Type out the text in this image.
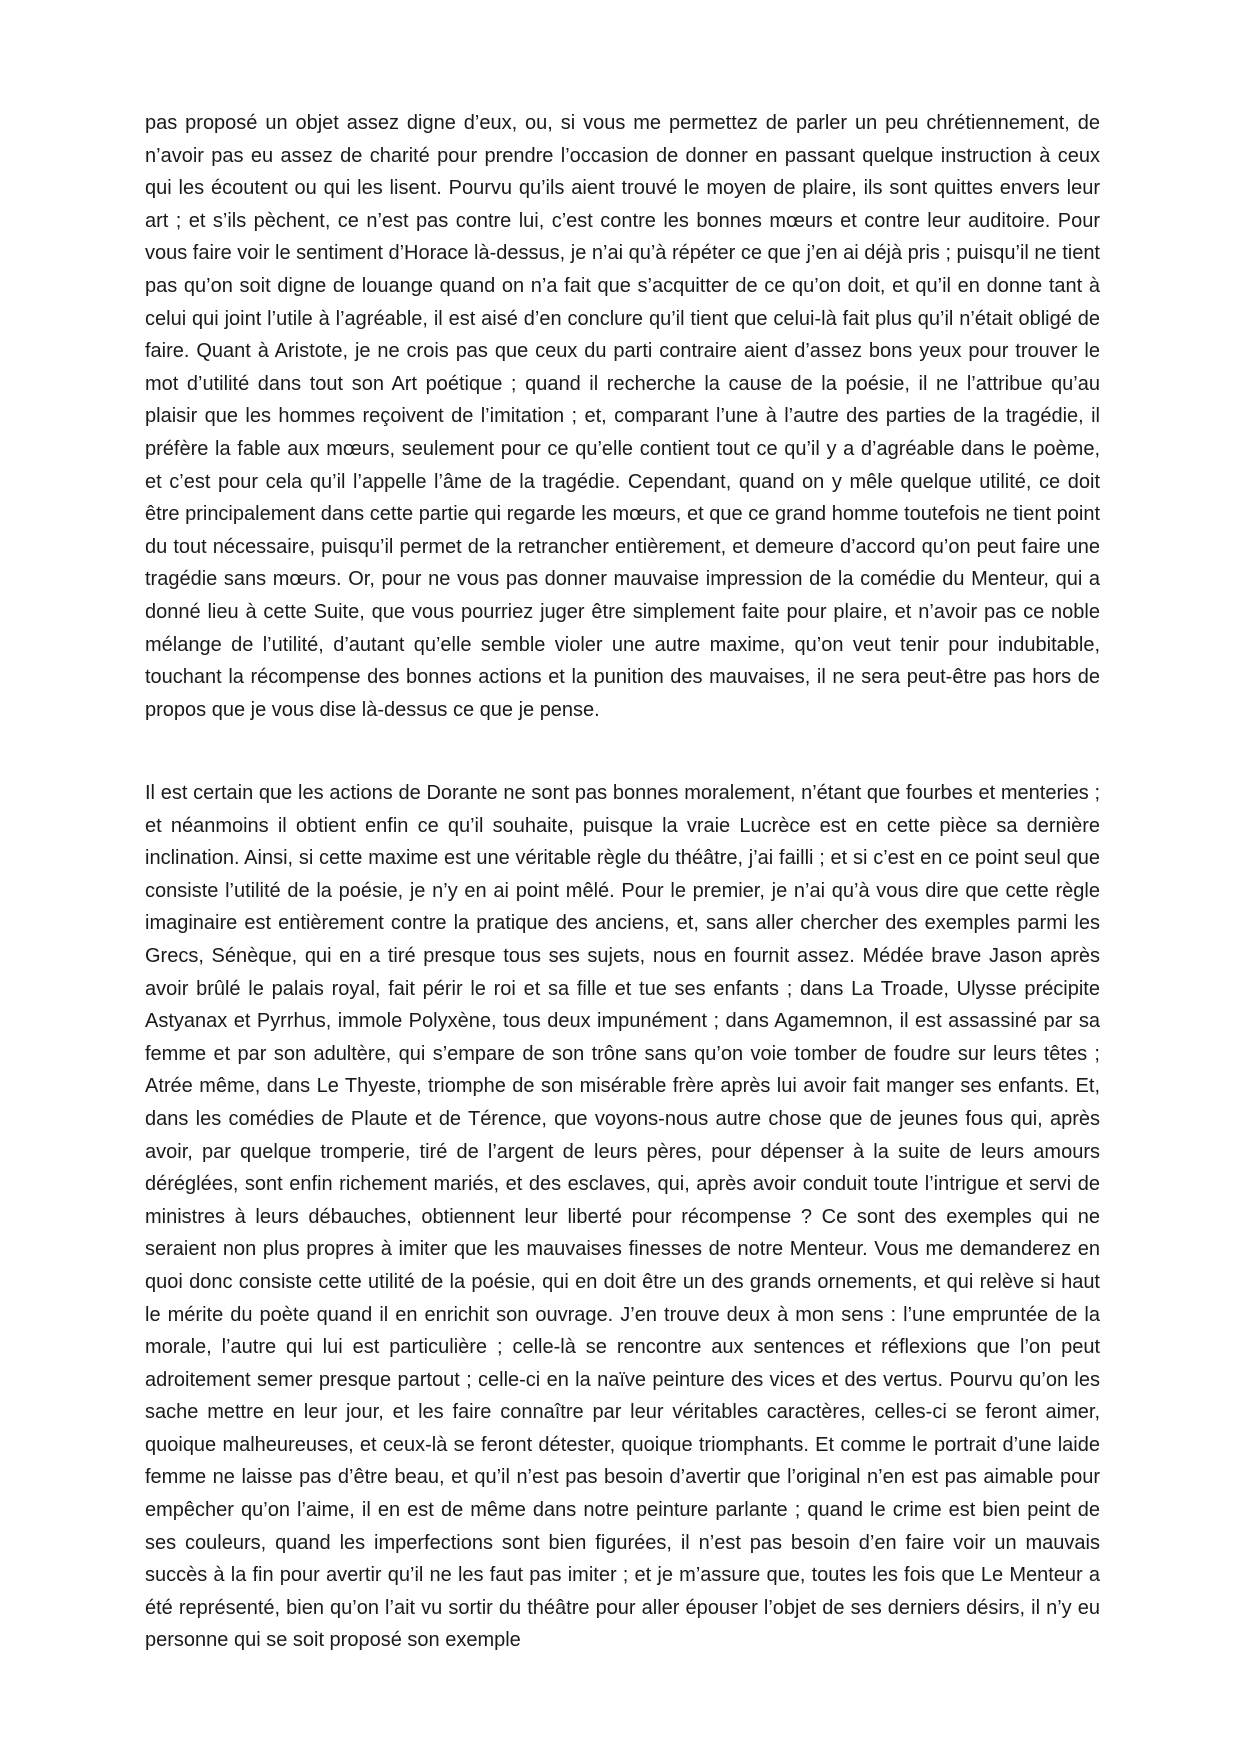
pas proposé un objet assez digne d’eux, ou, si vous me permettez de parler un peu chrétiennement, de n’avoir pas eu assez de charité pour prendre l’occasion de donner en passant quelque instruction à ceux qui les écoutent ou qui les lisent. Pourvu qu’ils aient trouvé le moyen de plaire, ils sont quittes envers leur art ; et s’ils pèchent, ce n’est pas contre lui, c’est contre les bonnes mœurs et contre leur auditoire. Pour vous faire voir le sentiment d’Horace là-dessus, je n’ai qu’à répéter ce que j’en ai déjà pris ; puisqu’il ne tient pas qu’on soit digne de louange quand on n’a fait que s’acquitter de ce qu’on doit, et qu’il en donne tant à celui qui joint l’utile à l’agréable, il est aisé d’en conclure qu’il tient que celui-là fait plus qu’il n’était obligé de faire. Quant à Aristote, je ne crois pas que ceux du parti contraire aient d’assez bons yeux pour trouver le mot d’utilité dans tout son Art poétique ; quand il recherche la cause de la poésie, il ne l’attribue qu’au plaisir que les hommes reçoivent de l’imitation ; et, comparant l’une à l’autre des parties de la tragédie, il préfère la fable aux mœurs, seulement pour ce qu’elle contient tout ce qu’il y a d’agréable dans le poème, et c’est pour cela qu’il l’appelle l’âme de la tragédie. Cependant, quand on y mêle quelque utilité, ce doit être principalement dans cette partie qui regarde les mœurs, et que ce grand homme toutefois ne tient point du tout nécessaire, puisqu’il permet de la retrancher entièrement, et demeure d’accord qu’on peut faire une tragédie sans mœurs. Or, pour ne vous pas donner mauvaise impression de la comédie du Menteur, qui a donné lieu à cette Suite, que vous pourriez juger être simplement faite pour plaire, et n’avoir pas ce noble mélange de l’utilité, d’autant qu’elle semble violer une autre maxime, qu’on veut tenir pour indubitable, touchant la récompense des bonnes actions et la punition des mauvaises, il ne sera peut-être pas hors de propos que je vous dise là-dessus ce que je pense.

Il est certain que les actions de Dorante ne sont pas bonnes moralement, n’étant que fourbes et menteries ; et néanmoins il obtient enfin ce qu’il souhaite, puisque la vraie Lucrèce est en cette pièce sa dernière inclination. Ainsi, si cette maxime est une véritable règle du théâtre, j’ai failli ; et si c’est en ce point seul que consiste l’utilité de la poésie, je n’y en ai point mêlé. Pour le premier, je n’ai qu’à vous dire que cette règle imaginaire est entièrement contre la pratique des anciens, et, sans aller chercher des exemples parmi les Grecs, Sénèque, qui en a tiré presque tous ses sujets, nous en fournit assez. Médée brave Jason après avoir brûlé le palais royal, fait périr le roi et sa fille et tue ses enfants ; dans La Troade, Ulysse précipite Astyanax et Pyrrhus, immole Polyxène, tous deux impunément ; dans Agamemnon, il est assassiné par sa femme et par son adultère, qui s’empare de son trône sans qu’on voie tomber de foudre sur leurs têtes ; Atrée même, dans Le Thyeste, triomphe de son misérable frère après lui avoir fait manger ses enfants. Et, dans les comédies de Plaute et de Térence, que voyons-nous autre chose que de jeunes fous qui, après avoir, par quelque tromperie, tiré de l’argent de leurs pères, pour dépenser à la suite de leurs amours déréglées, sont enfin richement mariés, et des esclaves, qui, après avoir conduit toute l’intrigue et servi de ministres à leurs débauches, obtiennent leur liberté pour récompense ? Ce sont des exemples qui ne seraient non plus propres à imiter que les mauvaises finesses de notre Menteur. Vous me demanderez en quoi donc consiste cette utilité de la poésie, qui en doit être un des grands ornements, et qui relève si haut le mérite du poète quand il en enrichit son ouvrage. J’en trouve deux à mon sens : l’une empruntée de la morale, l’autre qui lui est particulière ; celle-là se rencontre aux sentences et réflexions que l’on peut adroitement semer presque partout ; celle-ci en la naïve peinture des vices et des vertus. Pourvu qu’on les sache mettre en leur jour, et les faire connaître par leur véritables caractères, celles-ci se feront aimer, quoique malheureuses, et ceux-là se feront détester, quoique triomphants. Et comme le portrait d’une laide femme ne laisse pas d’être beau, et qu’il n’est pas besoin d’avertir que l’original n’en est pas aimable pour empêcher qu’on l’aime, il en est de même dans notre peinture parlante ; quand le crime est bien peint de ses couleurs, quand les imperfections sont bien figurées, il n’est pas besoin d’en faire voir un mauvais succès à la fin pour avertir qu’il ne les faut pas imiter ; et je m’assure que, toutes les fois que Le Menteur a été représenté, bien qu’on l’ait vu sortir du théâtre pour aller épouser l’objet de ses derniers désirs, il n’y eu personne qui se soit proposé son exemple
